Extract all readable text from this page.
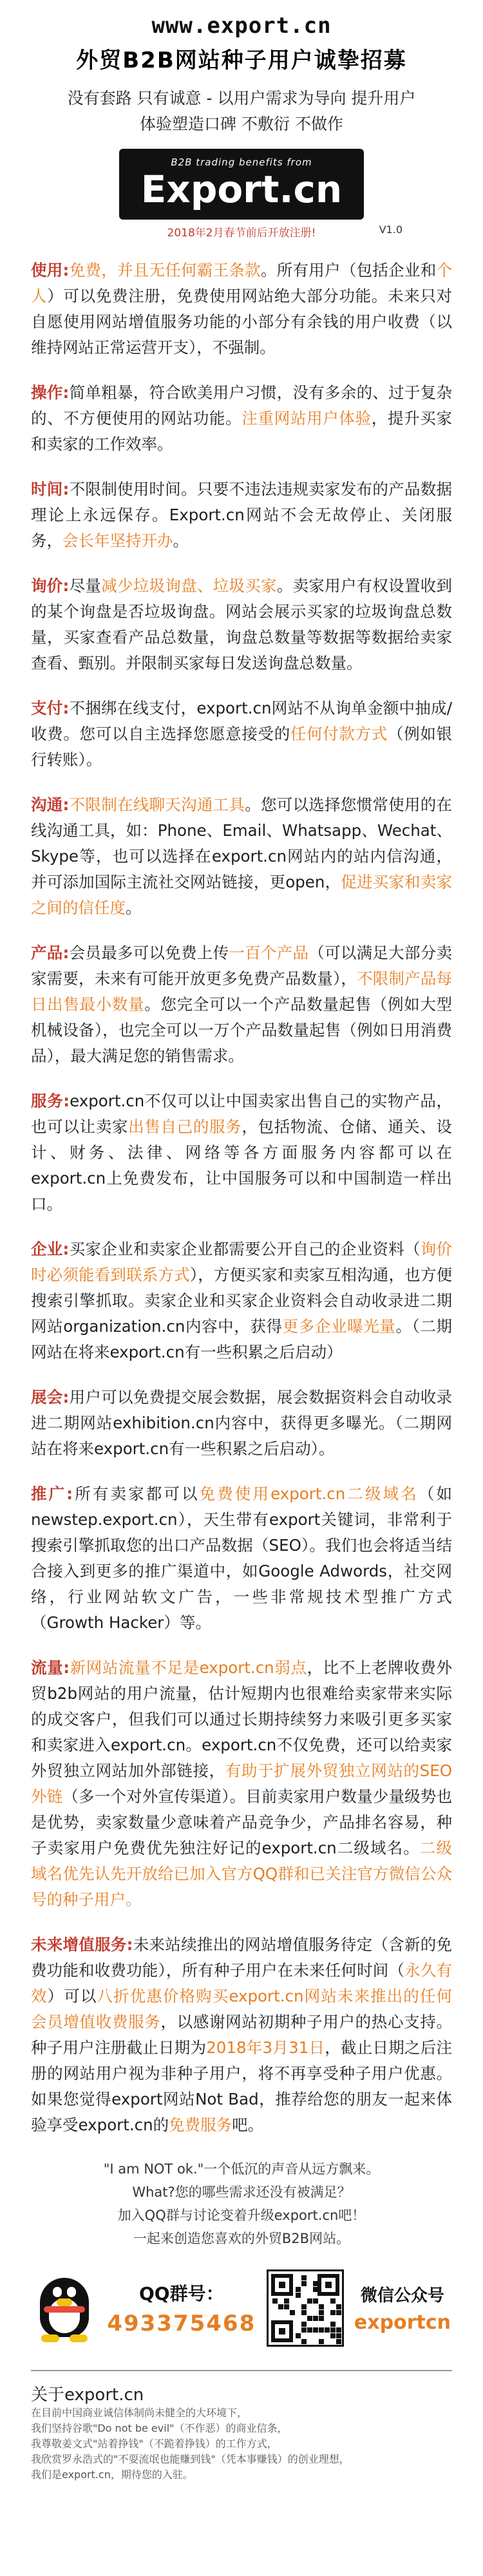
www.export.cn
外贸B2B网站种子用户诚挚招募
没有套路 只有诚意 - 以用户需求为导向 提升用户
体验塑造口碑 不敷衍 不做作
B2B trading benefits from
Export.cn
V1.0
2018年2月春节前后开放注册!

使用:免费，并且无任何霸王条款。所有用户（包括企业和个人）可以免费注册，免费使用网站绝大部分功能。未来只对自愿使用网站增值服务功能的小部分有余钱的用户收费（以维持网站正常运营开支），不强制。

操作:简单粗暴，符合欧美用户习惯，没有多余的、过于复杂的、不方便使用的网站功能。注重网站用户体验，提升买家和卖家的工作效率。

时间:不限制使用时间。只要不违法违规卖家发布的产品数据理论上永远保存。Export.cn网站不会无故停止、关闭服务，会长年坚持开办。

询价:尽量减少垃圾询盘、垃圾买家。卖家用户有权设置收到的某个询盘是否垃圾询盘。网站会展示买家的垃圾询盘总数量，买家查看产品总数量，询盘总数量等数据等数据给卖家查看、甄别。并限制买家每日发送询盘总数量。

支付:不捆绑在线支付，export.cn网站不从询单金额中抽成/收费。您可以自主选择您愿意接受的任何付款方式（例如银行转账）。

沟通:不限制在线聊天沟通工具。您可以选择您惯常使用的在线沟通工具，如：Phone、Email、Whatsapp、Wechat、Skype等，也可以选择在export.cn网站内的站内信沟通，并可添加国际主流社交网站链接，更open，促进买家和卖家之间的信任度。

产品:会员最多可以免费上传一百个产品（可以满足大部分卖家需要，未来有可能开放更多免费产品数量），不限制产品每日出售最小数量。您完全可以一个产品数量起售（例如大型机械设备），也完全可以一万个产品数量起售（例如日用消费品），最大满足您的销售需求。

服务:export.cn不仅可以让中国卖家出售自己的实物产品，也可以让卖家出售自己的服务，包括物流、仓储、通关、设计、财务、法律、网络等各方面服务内容都可以在export.cn上免费发布，让中国服务可以和中国制造一样出口。

企业:买家企业和卖家企业都需要公开自己的企业资料（询价时必须能看到联系方式），方便买家和卖家互相沟通，也方便搜索引擎抓取。卖家企业和买家企业资料会自动收录进二期网站organization.cn内容中，获得更多企业曝光量。（二期网站在将来export.cn有一些积累之后启动）

展会:用户可以免费提交展会数据，展会数据资料会自动收录进二期网站exhibition.cn内容中，获得更多曝光。（二期网站在将来export.cn有一些积累之后启动）。

推广:所有卖家都可以免费使用export.cn二级域名（如 newstep.export.cn），天生带有export关键词，非常利于搜索引擎抓取您的出口产品数据（SEO）。我们也会将适当结合接入到更多的推广渠道中，如Google Adwords，社交网络，行业网站软文广告，一些非常规技术型推广方式（Growth Hacker）等。

流量:新网站流量不足是export.cn弱点，比不上老牌收费外贸b2b网站的用户流量，估计短期内也很难给卖家带来实际的成交客户，但我们可以通过长期持续努力来吸引更多买家和卖家进入export.cn。export.cn不仅免费，还可以给卖家外贸独立网站加外部链接，有助于扩展外贸独立网站的SEO外链（多一个对外宣传渠道）。目前卖家用户数量少量级势也是优势，卖家数量少意味着产品竞争少，产品排名容易，种子卖家用户免费优先独注好记的export.cn二级域名。二级域名优先认先开放给已加入官方QQ群和已关注官方微信公众号的种子用户。

未来增值服务:未来站续推出的网站增值服务待定（含新的免费功能和收费功能），所有种子用户在未来任何时间（永久有效）可以八折优惠价格购买export.cn网站未来推出的任何会员增值收费服务，以感谢网站初期种子用户的热心支持。种子用户注册截止日期为2018年3月31日，截止日期之后注册的网站用户视为非种子用户，将不再享受种子用户优惠。如果您觉得export网站Not Bad，推荐给您的朋友一起来体验享受export.cn的免费服务吧。

"I am NOT ok."一个低沉的声音从远方飘来。
What?您的哪些需求还没有被满足？
加入QQ群与讨论变着升级export.cn吧！
一起来创造您喜欢的外贸B2B网站。
QQ群号：
493375468
微信公众号
exportcn
关于export.cn
在目前中国商业诚信体制尚未健全的大环境下，
我们坚持谷歌"Do not be evil"（不作恶）的商业信条，
我尊敬姜文式"站着挣钱"（不跪着挣钱）的工作方式，
我欣赏罗永浩式的"不耍流氓也能赚到钱"（凭本事赚钱）的创业理想，
我们是export.cn，期待您的入驻。
